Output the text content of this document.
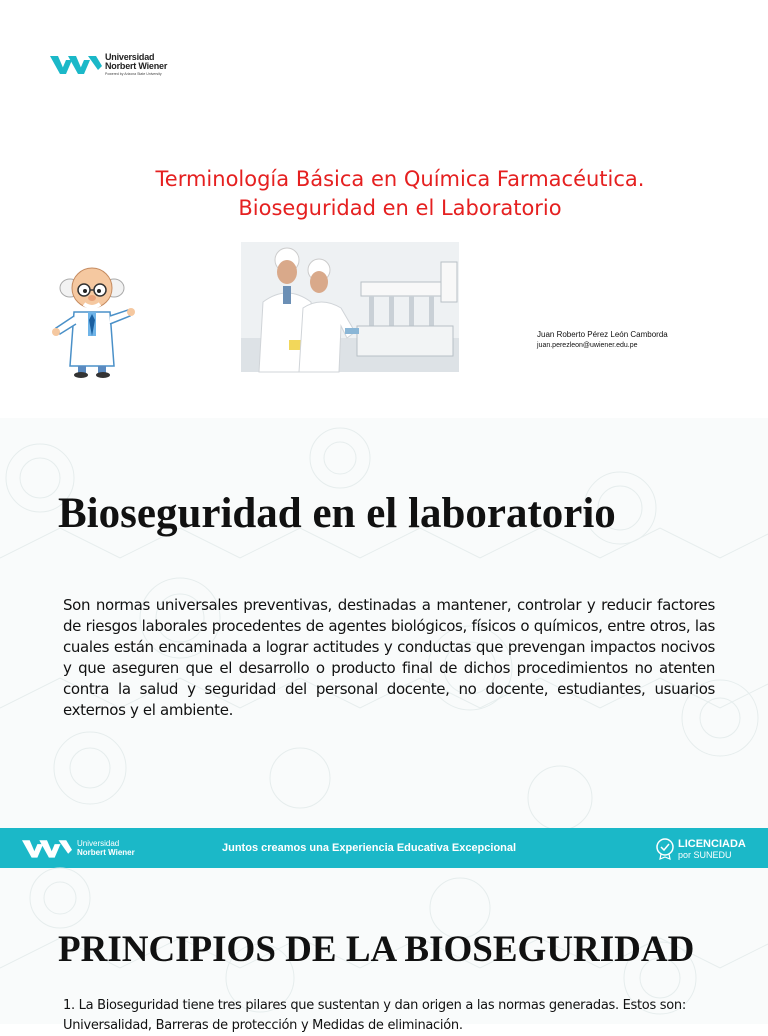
Universidad
Norbert Wiener
Powered by Arizona State University
Terminología Básica en Química Farmacéutica.
Bioseguridad en el Laboratorio
Juan Roberto Pérez León Camborda
juan.perezleon@uwiener.edu.pe
Bioseguridad en el laboratorio

Son normas universales preventivas, destinadas a mantener, controlar y reducir factores de riesgos laborales procedentes de agentes biológicos, físicos o químicos, entre otros, las cuales están encaminada a lograr actitudes y conductas que prevengan impactos nocivos y que aseguren que el desarrollo o producto final de dichos procedimientos no atenten contra la salud y seguridad del personal docente, no docente, estudiantes, usuarios externos y el ambiente.

Universidad
Norbert Wiener	Juntos creamos una Experiencia Educativa Excepcional	LICENCIADA
por SUNEDU
PRINCIPIOS DE LA BIOSEGURIDAD

1. La Bioseguridad tiene tres pilares que sustentan y dan origen a las normas generadas. Estos son: Universalidad, Barreras de protección y Medidas de eliminación.
